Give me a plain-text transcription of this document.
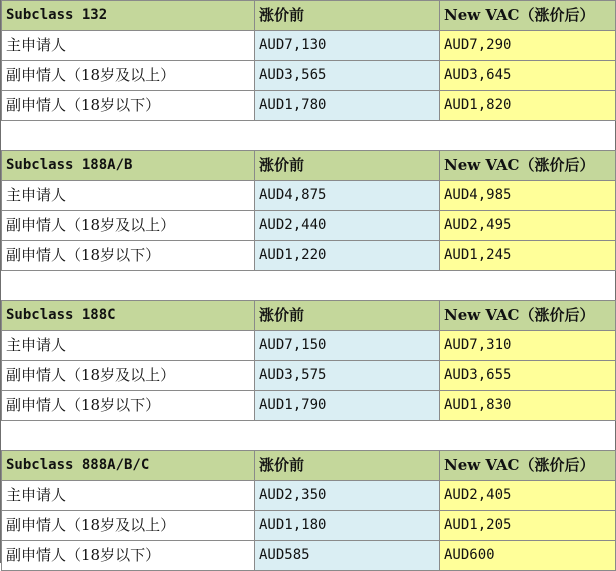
Subclass 132	涨价前	New VAC（涨价后）
主申请人	AUD7,130	AUD7,290
副申情人（18岁及以上）	AUD3,565	AUD3,645
副申情人（18岁以下）	AUD1,780	AUD1,820
Subclass 188A/B	涨价前	New VAC（涨价后）
主申请人	AUD4,875	AUD4,985
副申情人（18岁及以上）	AUD2,440	AUD2,495
副申情人（18岁以下）	AUD1,220	AUD1,245
Subclass 188C	涨价前	New VAC（涨价后）
主申请人	AUD7,150	AUD7,310
副申情人（18岁及以上）	AUD3,575	AUD3,655
副申情人（18岁以下）	AUD1,790	AUD1,830
Subclass 888A/B/C	涨价前	New VAC（涨价后）
主申请人	AUD2,350	AUD2,405
副申情人（18岁及以上）	AUD1,180	AUD1,205
副申情人（18岁以下）	AUD585	AUD600
